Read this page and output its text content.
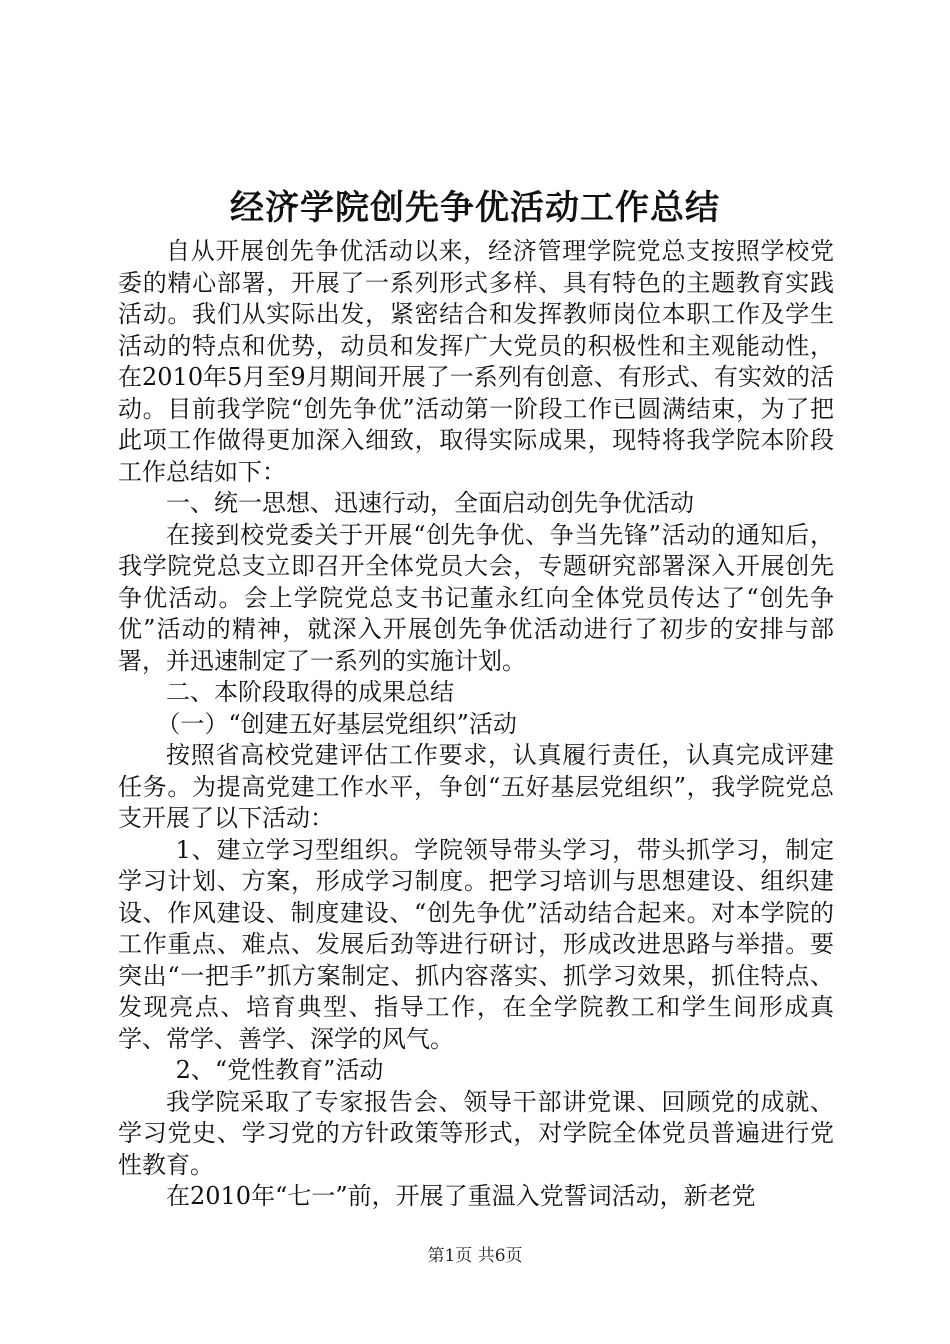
经济学院创先争优活动工作总结

自从开展创先争优活动以来，经济管理学院党总支按照学校党委的精心部署，开展了一系列形式多样、具有特色的主题教育实践活动。我们从实际出发，紧密结合和发挥教师岗位本职工作及学生活动的特点和优势，动员和发挥广大党员的积极性和主观能动性，在2010年5月至9月期间开展了一系列有创意、有形式、有实效的活动。目前我学院“创先争优”活动第一阶段工作已圆满结束，为了把此项工作做得更加深入细致，取得实际成果，现特将我学院本阶段工作总结如下：

一、统一思想、迅速行动，全面启动创先争优活动

在接到校党委关于开展“创先争优、争当先锋”活动的通知后，我学院党总支立即召开全体党员大会，专题研究部署深入开展创先争优活动。会上学院党总支书记董永红向全体党员传达了“创先争优”活动的精神，就深入开展创先争优活动进行了初步的安排与部署，并迅速制定了一系列的实施计划。

二、本阶段取得的成果总结

（一）“创建五好基层党组织”活动

按照省高校党建评估工作要求，认真履行责任，认真完成评建任务。为提高党建工作水平，争创“五好基层党组织”，我学院党总支开展了以下活动：

1、建立学习型组织。学院领导带头学习，带头抓学习，制定学习计划、方案，形成学习制度。把学习培训与思想建设、组织建设、作风建设、制度建设、“创先争优”活动结合起来。对本学院的工作重点、难点、发展后劲等进行研讨，形成改进思路与举措。要突出“一把手”抓方案制定、抓内容落实、抓学习效果，抓住特点、发现亮点、培育典型、指导工作，在全学院教工和学生间形成真学、常学、善学、深学的风气。

2、“党性教育”活动

我学院采取了专家报告会、领导干部讲党课、回顾党的成就、学习党史、学习党的方针政策等形式，对学院全体党员普遍进行党性教育。

在2010年“七一”前，开展了重温入党誓词活动，新老党

第1页 共6页
